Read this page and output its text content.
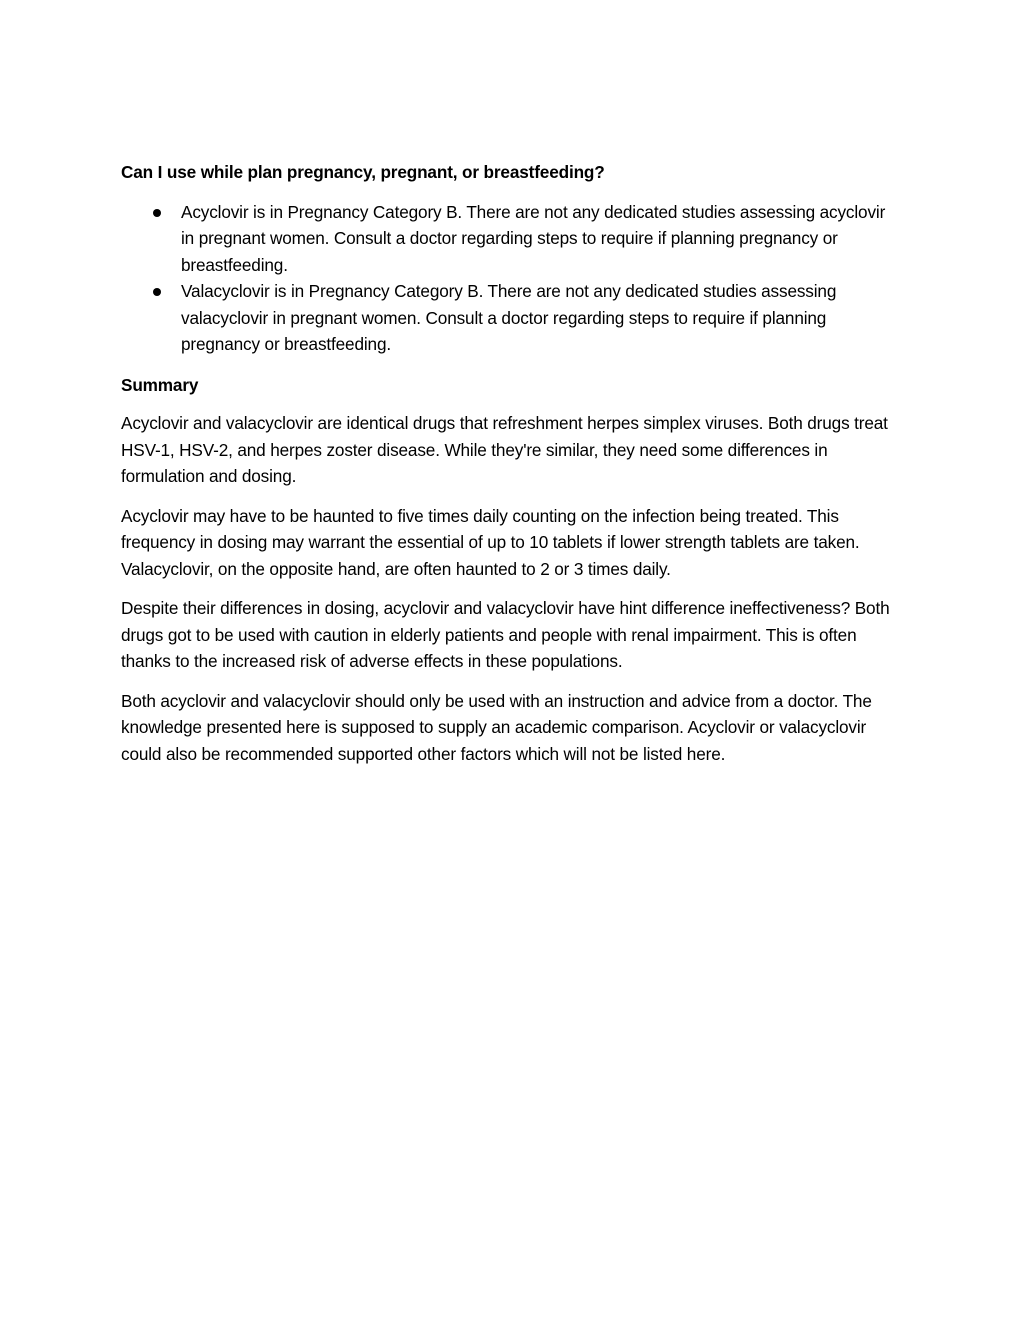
Can I use while plan pregnancy, pregnant, or breastfeeding?

Acyclovir is in Pregnancy Category B. There are not any dedicated studies assessing acyclovir in pregnant women. Consult a doctor regarding steps to require if planning pregnancy or breastfeeding.
Valacyclovir is in Pregnancy Category B. There are not any dedicated studies assessing valacyclovir in pregnant women. Consult a doctor regarding steps to require if planning pregnancy or breastfeeding.

Summary

Acyclovir and valacyclovir are identical drugs that refreshment herpes simplex viruses. Both drugs treat HSV-1, HSV-2, and herpes zoster disease. While they're similar, they need some differences in formulation and dosing.

Acyclovir may have to be haunted to five times daily counting on the infection being treated. This frequency in dosing may warrant the essential of up to 10 tablets if lower strength tablets are taken. Valacyclovir, on the opposite hand, are often haunted to 2 or 3 times daily.

Despite their differences in dosing, acyclovir and valacyclovir have hint difference ineffectiveness? Both drugs got to be used with caution in elderly patients and people with renal impairment. This is often thanks to the increased risk of adverse effects in these populations.

Both acyclovir and valacyclovir should only be used with an instruction and advice from a doctor. The knowledge presented here is supposed to supply an academic comparison. Acyclovir or valacyclovir could also be recommended supported other factors which will not be listed here.
